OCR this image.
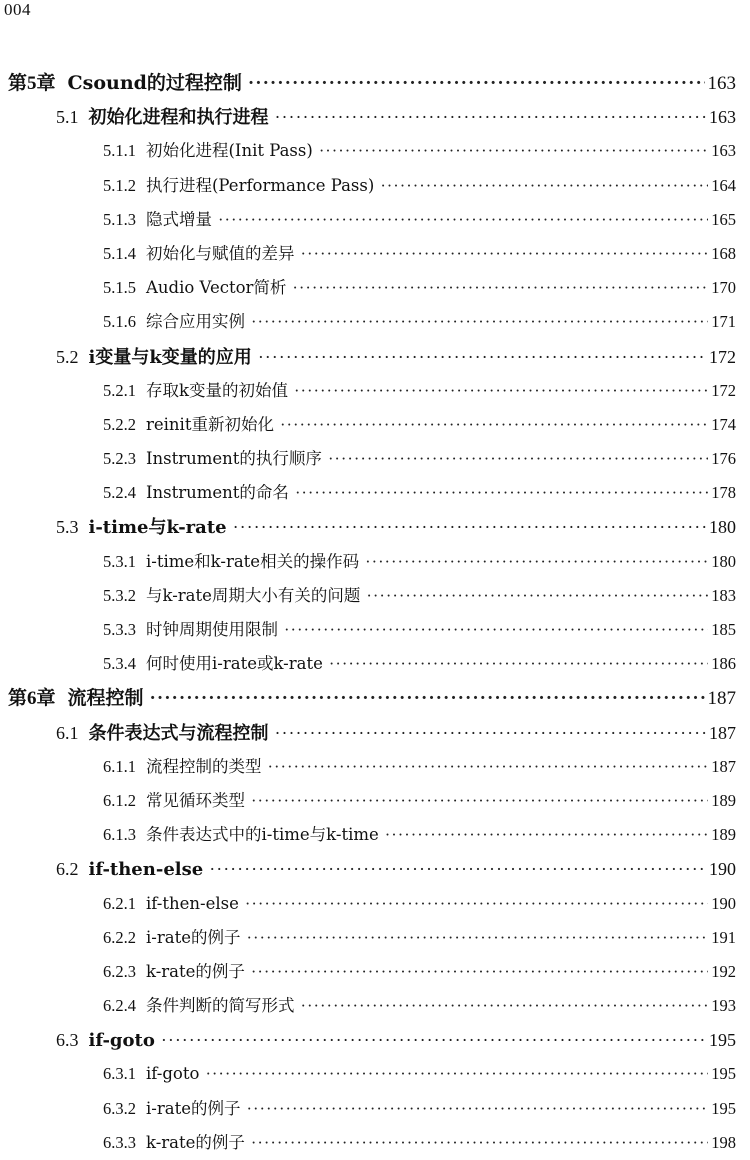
004
第5章 Csound的过程控制 ·····	163
5.1 初始化进程和执行进程 ·····	163
5.1.1 初始化进程(Init Pass) ·····	163
5.1.2 执行进程(Performance Pass) ·····	164
5.1.3 隐式增量 ·····	165
5.1.4 初始化与赋值的差异 ·····	168
5.1.5 Audio Vector简析 ·····	170
5.1.6 综合应用实例 ·····	171
5.2 i变量与k变量的应用 ·····	172
5.2.1 存取k变量的初始值 ·····	172
5.2.2 reinit重新初始化 ·····	174
5.2.3 Instrument的执行顺序 ·····	176
5.2.4 Instrument的命名 ·····	178
5.3 i-time与k-rate ·····	180
5.3.1 i-time和k-rate相关的操作码 ·····	180
5.3.2 与k-rate周期大小有关的问题 ·····	183
5.3.3 时钟周期使用限制 ·····	185
5.3.4 何时使用i-rate或k-rate ·····	186
第6章 流程控制 ·····	187
6.1 条件表达式与流程控制 ·····	187
6.1.1 流程控制的类型 ·····	187
6.1.2 常见循环类型 ·····	189
6.1.3 条件表达式中的i-time与k-time ·····	189
6.2 if-then-else ·····	190
6.2.1 if-then-else ·····	190
6.2.2 i-rate的例子 ·····	191
6.2.3 k-rate的例子 ·····	192
6.2.4 条件判断的简写形式 ·····	193
6.3 if-goto ·····	195
6.3.1 if-goto ·····	195
6.3.2 i-rate的例子 ·····	195
6.3.3 k-rate的例子 ·····	198
